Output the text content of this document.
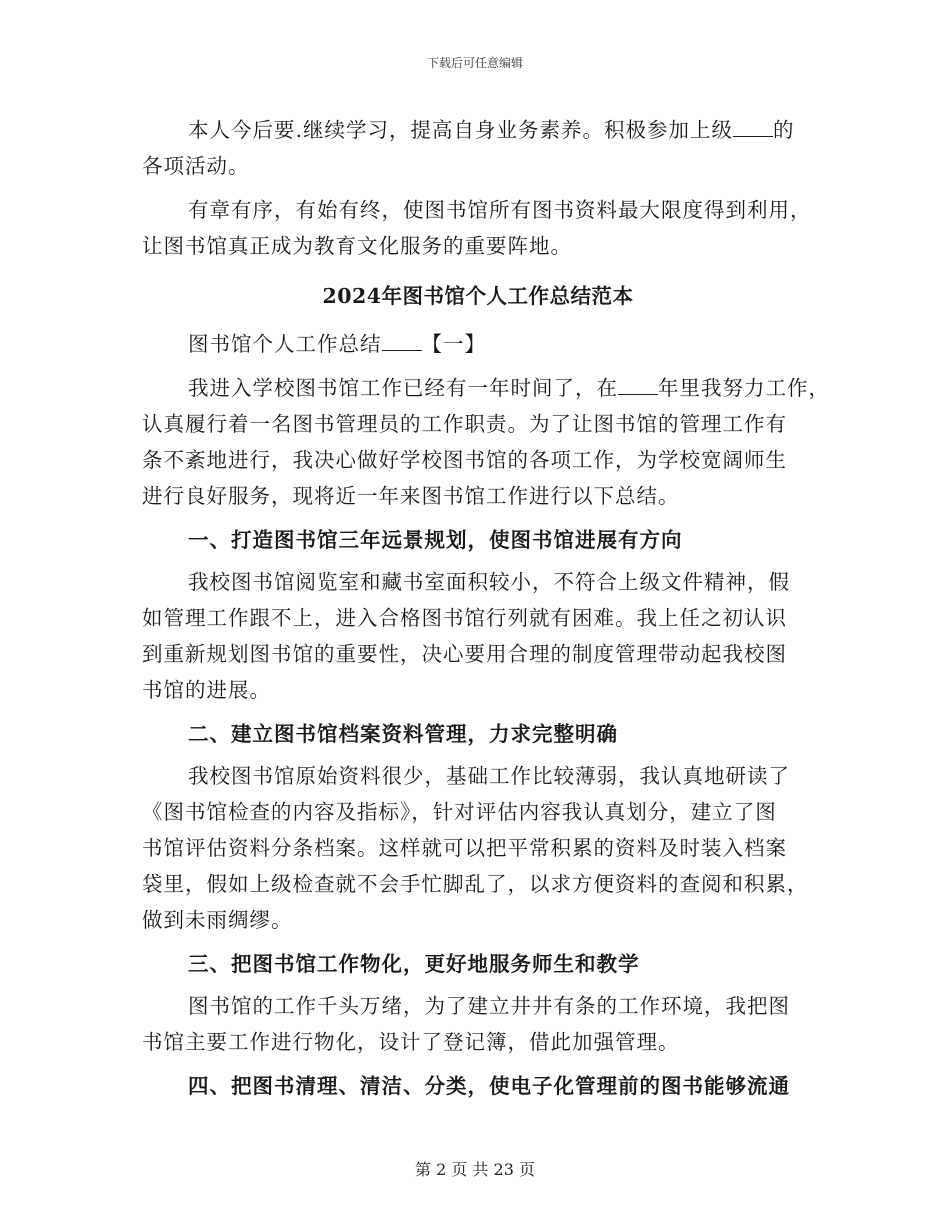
下载后可任意编辑
本人今后要.继续学习，提高自身业务素养。积极参加上级 的
各项活动。
有章有序，有始有终，使图书馆所有图书资料最大限度得到利用，
让图书馆真正成为教育文化服务的重要阵地。
2024年图书馆个人工作总结范本
图书馆个人工作总结 【一】
我进入学校图书馆工作已经有一年时间了，在 年里我努力工作，
认真履行着一名图书管理员的工作职责。为了让图书馆的管理工作有
条不紊地进行，我决心做好学校图书馆的各项工作，为学校宽阔师生
进行良好服务，现将近一年来图书馆工作进行以下总结。
一、打造图书馆三年远景规划，使图书馆进展有方向
我校图书馆阅览室和藏书室面积较小，不符合上级文件精神，假
如管理工作跟不上，进入合格图书馆行列就有困难。我上任之初认识
到重新规划图书馆的重要性，决心要用合理的制度管理带动起我校图
书馆的进展。
二、建立图书馆档案资料管理，力求完整明确
我校图书馆原始资料很少，基础工作比较薄弱，我认真地研读了
《图书馆检查的内容及指标》，针对评估内容我认真划分，建立了图
书馆评估资料分条档案。这样就可以把平常积累的资料及时装入档案
袋里，假如上级检查就不会手忙脚乱了，以求方便资料的查阅和积累，
做到未雨绸缪。
三、把图书馆工作物化，更好地服务师生和教学
图书馆的工作千头万绪，为了建立井井有条的工作环境，我把图
书馆主要工作进行物化，设计了登记簿，借此加强管理。
四、把图书清理、清洁、分类，使电子化管理前的图书能够流通
第 2 页 共 23 页
